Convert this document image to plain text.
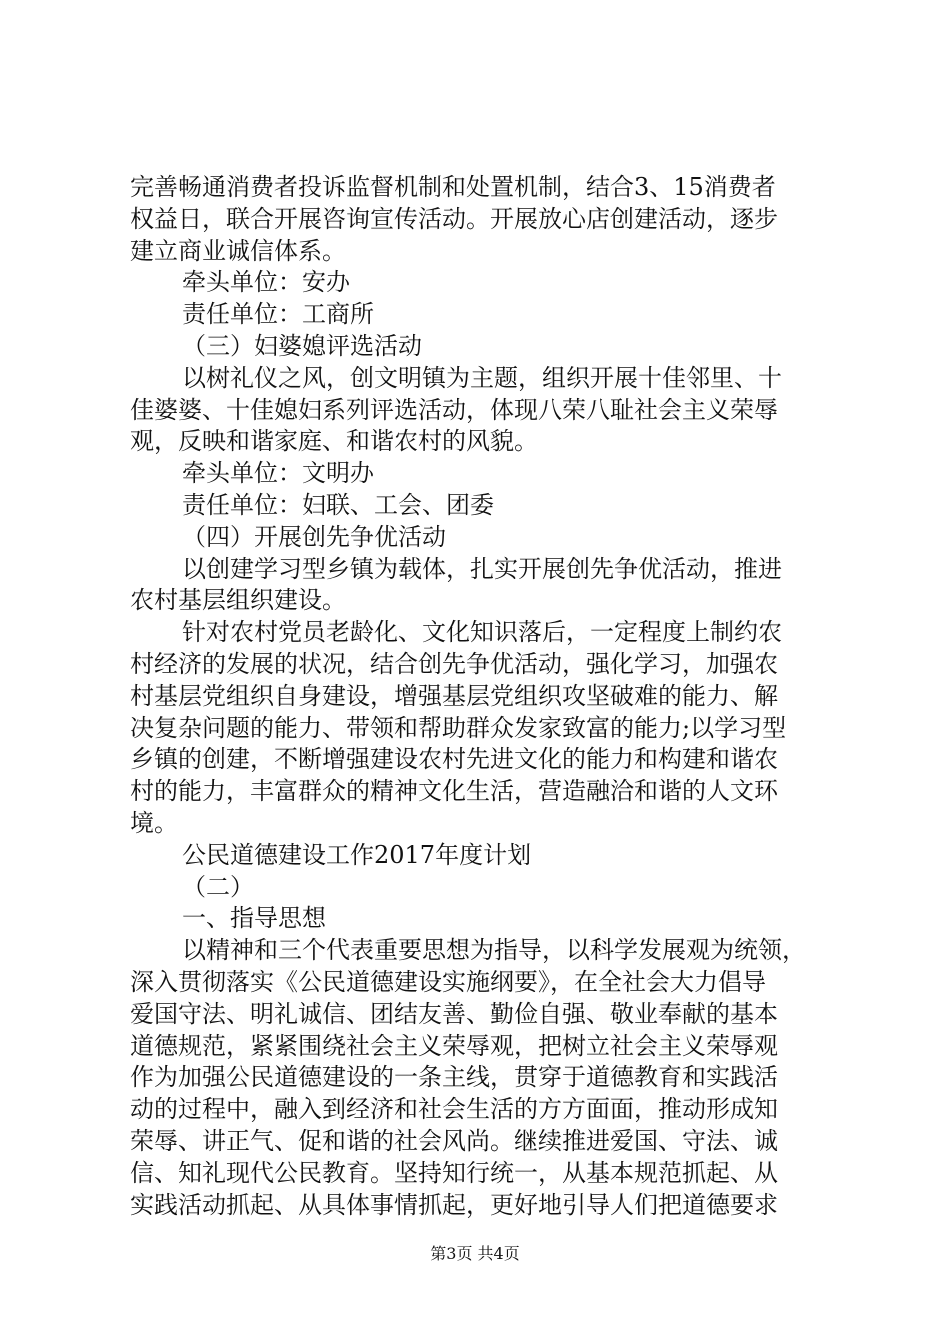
完善畅通消费者投诉监督机制和处置机制，结合3、15消费者
权益日，联合开展咨询宣传活动。开展放心店创建活动，逐步
建立商业诚信体系。
牵头单位：安办
责任单位：工商所
（三）妇婆媳评选活动
以树礼仪之风，创文明镇为主题，组织开展十佳邻里、十
佳婆婆、十佳媳妇系列评选活动，体现八荣八耻社会主义荣辱
观，反映和谐家庭、和谐农村的风貌。
牵头单位：文明办
责任单位：妇联、工会、团委
（四）开展创先争优活动
以创建学习型乡镇为载体，扎实开展创先争优活动，推进
农村基层组织建设。
针对农村党员老龄化、文化知识落后，一定程度上制约农
村经济的发展的状况，结合创先争优活动，强化学习，加强农
村基层党组织自身建设，增强基层党组织攻坚破难的能力、解
决复杂问题的能力、带领和帮助群众发家致富的能力;以学习型
乡镇的创建，不断增强建设农村先进文化的能力和构建和谐农
村的能力，丰富群众的精神文化生活，营造融洽和谐的人文环
境。
公民道德建设工作2017年度计划
（二）
一、指导思想
以精神和三个代表重要思想为指导，以科学发展观为统领，
深入贯彻落实《公民道德建设实施纲要》，在全社会大力倡导
爱国守法、明礼诚信、团结友善、勤俭自强、敬业奉献的基本
道德规范，紧紧围绕社会主义荣辱观，把树立社会主义荣辱观
作为加强公民道德建设的一条主线，贯穿于道德教育和实践活
动的过程中，融入到经济和社会生活的方方面面，推动形成知
荣辱、讲正气、促和谐的社会风尚。继续推进爱国、守法、诚
信、知礼现代公民教育。坚持知行统一，从基本规范抓起、从
实践活动抓起、从具体事情抓起，更好地引导人们把道德要求
第3页 共4页
